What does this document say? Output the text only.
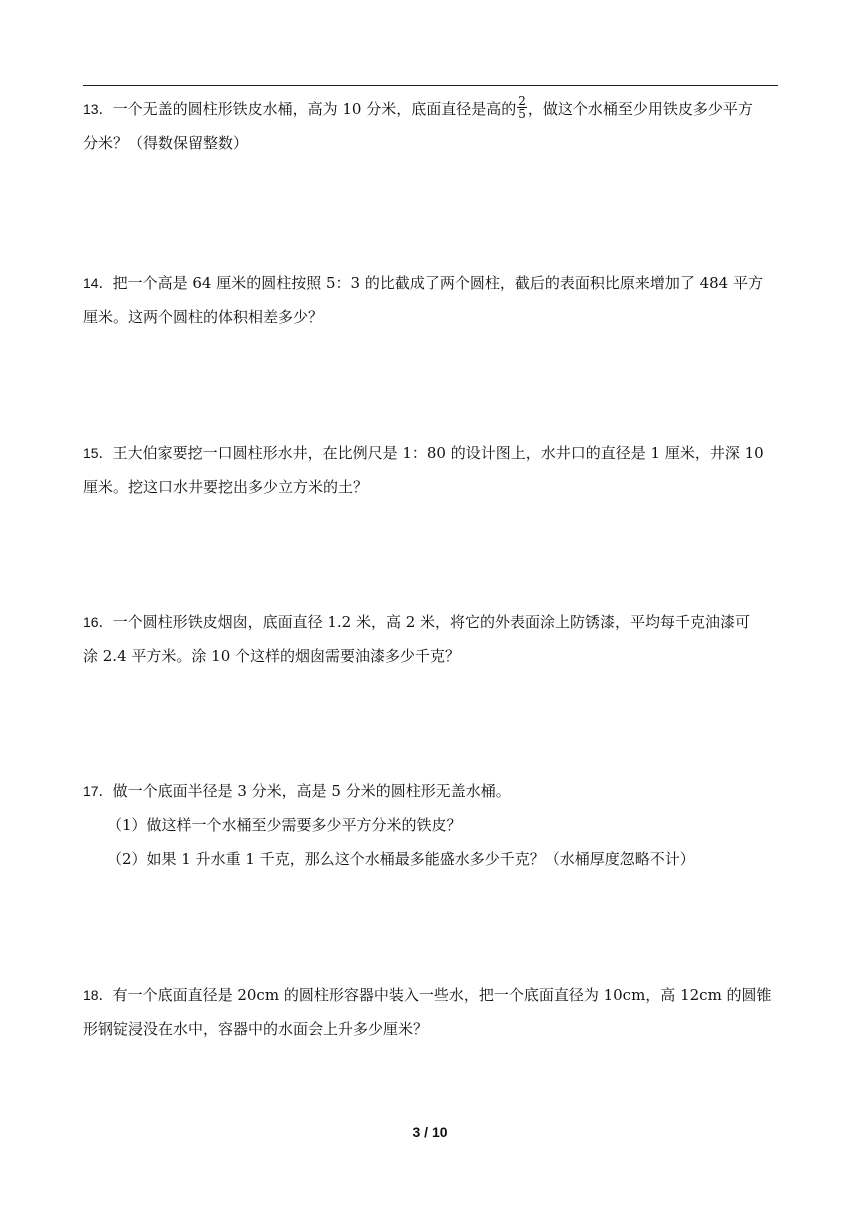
13．一个无盖的圆柱形铁皮水桶，高为 10 分米，底面直径是高的 $\frac{2}{5}$ ，做这个水桶至少用铁皮多少平方
分米？（得数保留整数）
14．把一个高是 64 厘米的圆柱按照 5：3 的比截成了两个圆柱，截后的表面积比原来增加了 484 平方
厘米。这两个圆柱的体积相差多少？
15．王大伯家要挖一口圆柱形水井，在比例尺是 1：80 的设计图上，水井口的直径是 1 厘米，井深 10
厘米。挖这口水井要挖出多少立方米的土？
16．一个圆柱形铁皮烟囱，底面直径 1.2 米，高 2 米，将它的外表面涂上防锈漆，平均每千克油漆可
涂 2.4 平方米。涂 10 个这样的烟囱需要油漆多少千克？
17．做一个底面半径是 3 分米，高是 5 分米的圆柱形无盖水桶。
（1）做这样一个水桶至少需要多少平方分米的铁皮？
（2）如果 1 升水重 1 千克，那么这个水桶最多能盛水多少千克？（水桶厚度忽略不计）
18．有一个底面直径是 20cm 的圆柱形容器中装入一些水，把一个底面直径为 10cm，高 12cm 的圆锥
形钢锭浸没在水中，容器中的水面会上升多少厘米？
3 / 10
